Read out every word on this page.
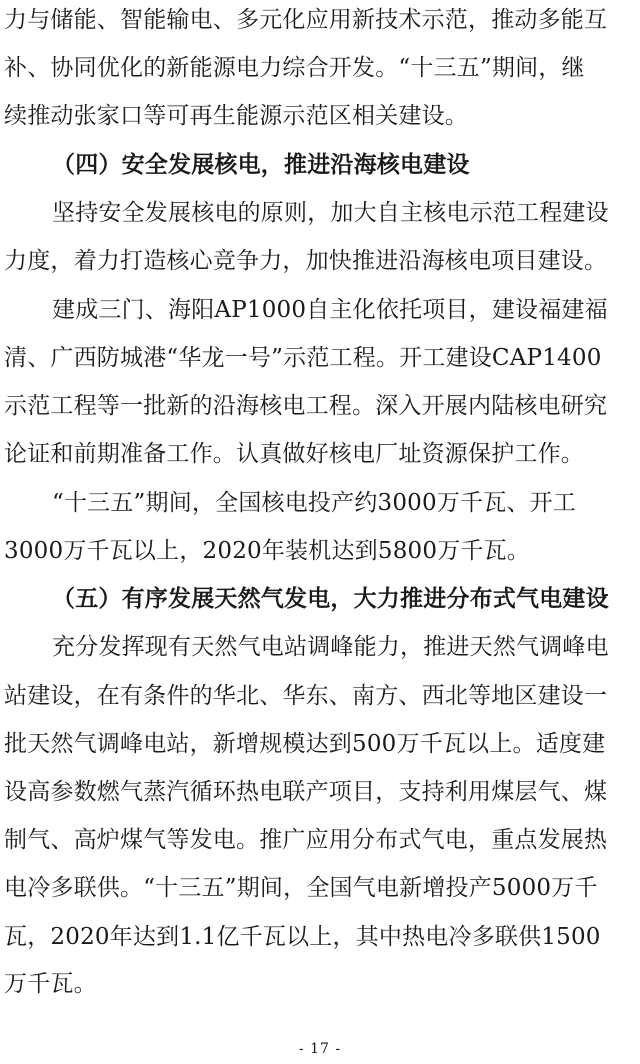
力与储能、智能输电、多元化应用新技术示范，推动多能互
补、协同优化的新能源电力综合开发。“十三五”期间，继
续推动张家口等可再生能源示范区相关建设。
（四）安全发展核电，推进沿海核电建设
坚持安全发展核电的原则，加大自主核电示范工程建设
力度，着力打造核心竞争力，加快推进沿海核电项目建设。
建成三门、海阳AP1000自主化依托项目，建设福建福
清、广西防城港“华龙一号”示范工程。开工建设CAP1400
示范工程等一批新的沿海核电工程。深入开展内陆核电研究
论证和前期准备工作。认真做好核电厂址资源保护工作。
“十三五”期间，全国核电投产约3000万千瓦、开工
3000万千瓦以上，2020年装机达到5800万千瓦。
（五）有序发展天然气发电，大力推进分布式气电建设
充分发挥现有天然气电站调峰能力，推进天然气调峰电
站建设，在有条件的华北、华东、南方、西北等地区建设一
批天然气调峰电站，新增规模达到500万千瓦以上。适度建
设高参数燃气蒸汽循环热电联产项目，支持利用煤层气、煤
制气、高炉煤气等发电。推广应用分布式气电，重点发展热
电冷多联供。“十三五”期间，全国气电新增投产5000万千
瓦，2020年达到1.1亿千瓦以上，其中热电冷多联供1500
万千瓦。
- 17 -
